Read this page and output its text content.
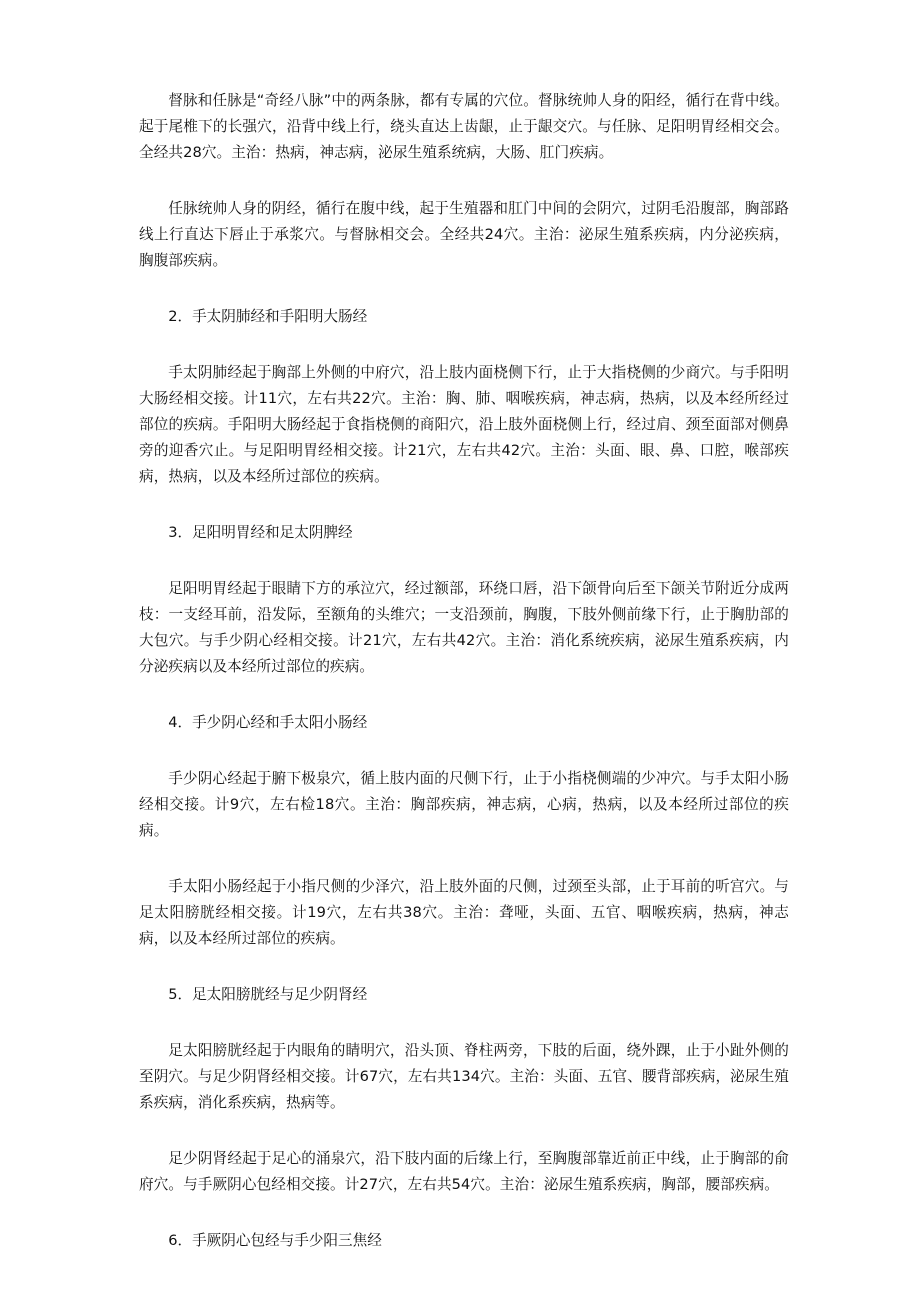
督脉和任脉是“奇经八脉”中的两条脉，都有专属的穴位。督脉统帅人身的阳经，循行在背中线。起于尾椎下的长强穴，沿背中线上行，绕头直达上齿龈，止于龈交穴。与任脉、足阳明胃经相交会。全经共28穴。主治：热病，神志病，泌尿生殖系统病，大肠、肛门疾病。

任脉统帅人身的阴经，循行在腹中线，起于生殖器和肛门中间的会阴穴，过阴毛沿腹部，胸部路线上行直达下唇止于承浆穴。与督脉相交会。全经共24穴。主治：泌尿生殖系疾病，内分泌疾病，胸腹部疾病。

2．手太阴肺经和手阳明大肠经

手太阴肺经起于胸部上外侧的中府穴，沿上肢内面桡侧下行，止于大指桡侧的少商穴。与手阳明大肠经相交接。计11穴，左右共22穴。主治：胸、肺、咽喉疾病，神志病，热病，以及本经所经过部位的疾病。手阳明大肠经起于食指桡侧的商阳穴，沿上肢外面桡侧上行，经过肩、颈至面部对侧鼻旁的迎香穴止。与足阳明胃经相交接。计21穴，左右共42穴。主治：头面、眼、鼻、口腔，喉部疾病，热病，以及本经所过部位的疾病。

3．足阳明胃经和足太阴脾经

足阳明胃经起于眼睛下方的承泣穴，经过额部，环绕口唇，沿下颌骨向后至下颌关节附近分成两枝：一支经耳前，沿发际，至额角的头维穴；一支沿颈前，胸腹，下肢外侧前缘下行，止于胸肋部的大包穴。与手少阴心经相交接。计21穴，左右共42穴。主治：消化系统疾病，泌尿生殖系疾病，内分泌疾病以及本经所过部位的疾病。

4．手少阴心经和手太阳小肠经

手少阴心经起于腑下极泉穴，循上肢内面的尺侧下行，止于小指桡侧端的少冲穴。与手太阳小肠经相交接。计9穴，左右检18穴。主治：胸部疾病，神志病，心病，热病，以及本经所过部位的疾病。

手太阳小肠经起于小指尺侧的少泽穴，沿上肢外面的尺侧，过颈至头部，止于耳前的听宫穴。与足太阳膀胱经相交接。计19穴，左右共38穴。主治：聋哑，头面、五官、咽喉疾病，热病，神志病，以及本经所过部位的疾病。

5．足太阳膀胱经与足少阴肾经

足太阳膀胱经起于内眼角的睛明穴，沿头顶、脊柱两旁，下肢的后面，绕外踝，止于小趾外侧的至阴穴。与足少阴肾经相交接。计67穴，左右共134穴。主治：头面、五官、腰背部疾病，泌尿生殖系疾病，消化系疾病，热病等。

足少阴肾经起于足心的涌泉穴，沿下肢内面的后缘上行，至胸腹部靠近前正中线，止于胸部的俞府穴。与手厥阴心包经相交接。计27穴，左右共54穴。主治：泌尿生殖系疾病，胸部，腰部疾病。

6．手厥阴心包经与手少阳三焦经
